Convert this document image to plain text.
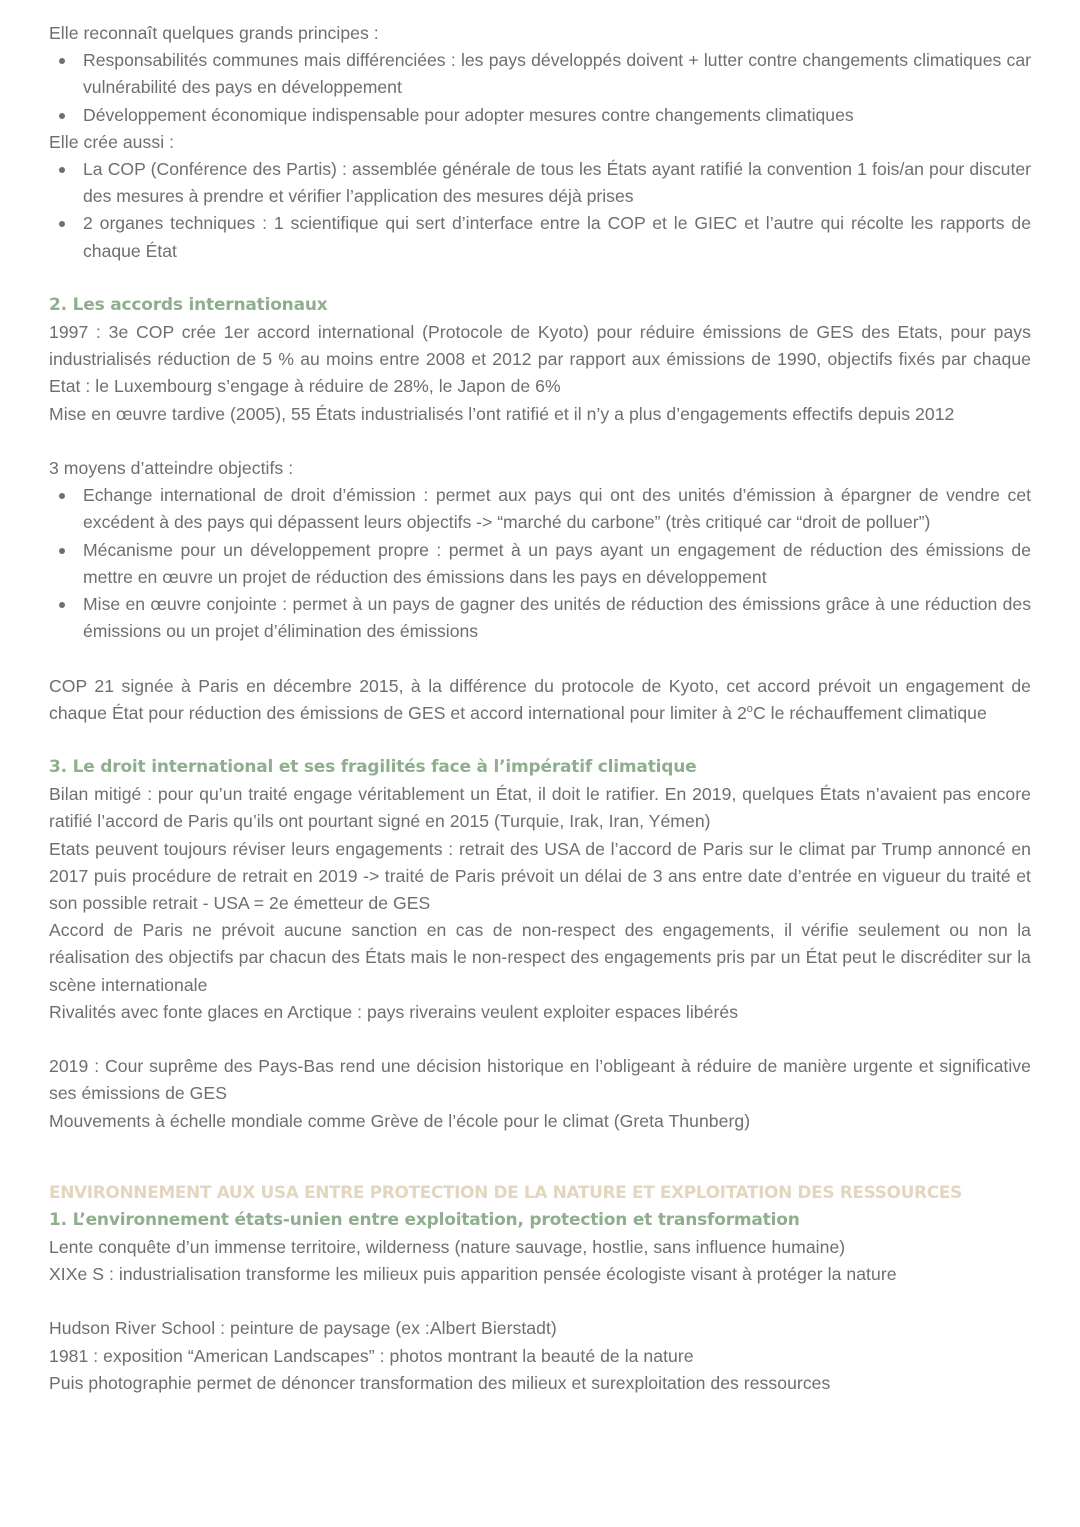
Elle reconnaît quelques grands principes :

Responsabilités communes mais différenciées : les pays développés doivent + lutter contre changements climatiques car vulnérabilité des pays en développement
Développement économique indispensable pour adopter mesures contre changements climatiques

Elle crée aussi :

La COP (Conférence des Partis) : assemblée générale de tous les États ayant ratifié la convention 1 fois/an pour discuter des mesures à prendre et vérifier l’application des mesures déjà prises
2 organes techniques : 1 scientifique qui sert d’interface entre la COP et le GIEC et l’autre qui récolte les rapports de chaque État
2. Les accords internationaux

1997 : 3e COP crée 1er accord international (Protocole de Kyoto) pour réduire émissions de GES des Etats, pour pays industrialisés réduction de 5 % au moins entre 2008 et 2012 par rapport aux émissions de 1990, objectifs fixés par chaque Etat : le Luxembourg s’engage à réduire de 28%, le Japon de 6%

Mise en œuvre tardive (2005), 55 États industrialisés l’ont ratifié et il n’y a plus d’engagements effectifs depuis 2012

3 moyens d’atteindre objectifs :

Echange international de droit d’émission : permet aux pays qui ont des unités d’émission à épargner de vendre cet excédent à des pays qui dépassent leurs objectifs -> “marché du carbone” (très critiqué car “droit de polluer”)
Mécanisme pour un développement propre : permet à un pays ayant un engagement de réduction des émissions de mettre en œuvre un projet de réduction des émissions dans les pays en développement
Mise en œuvre conjointe : permet à un pays de gagner des unités de réduction des émissions grâce à une réduction des émissions ou un projet d’élimination des émissions

COP 21 signée à Paris en décembre 2015, à la différence du protocole de Kyoto, cet accord prévoit un engagement de chaque État pour réduction des émissions de GES et accord international pour limiter à 2$^o$C le réchauffement climatique

3. Le droit international et ses fragilités face à l’impératif climatique

Bilan mitigé : pour qu’un traité engage véritablement un État, il doit le ratifier. En 2019, quelques États n’avaient pas encore ratifié l’accord de Paris qu’ils ont pourtant signé en 2015 (Turquie, Irak, Iran, Yémen)

Etats peuvent toujours réviser leurs engagements : retrait des USA de l’accord de Paris sur le climat par Trump annoncé en 2017 puis procédure de retrait en 2019 -> traité de Paris prévoit un délai de 3 ans entre date d’entrée en vigueur du traité et son possible retrait - USA = 2e émetteur de GES

Accord de Paris ne prévoit aucune sanction en cas de non-respect des engagements, il vérifie seulement ou non la réalisation des objectifs par chacun des États mais le non-respect des engagements pris par un État peut le discréditer sur la scène internationale

Rivalités avec fonte glaces en Arctique : pays riverains veulent exploiter espaces libérés

2019 : Cour suprême des Pays-Bas rend une décision historique en l’obligeant à réduire de manière urgente et significative ses émissions de GES

Mouvements à échelle mondiale comme Grève de l’école pour le climat (Greta Thunberg)

ENVIRONNEMENT AUX USA ENTRE PROTECTION DE LA NATURE ET EXPLOITATION DES RESSOURCES
1. L’environnement états-unien entre exploitation, protection et transformation

Lente conquête d’un immense territoire, wilderness (nature sauvage, hostlie, sans influence humaine)

XIXe S : industrialisation transforme les milieux puis apparition pensée écologiste visant à protéger la nature

Hudson River School : peinture de paysage (ex :Albert Bierstadt)

1981 : exposition “American Landscapes” : photos montrant la beauté de la nature

Puis photographie permet de dénoncer transformation des milieux et surexploitation des ressources
